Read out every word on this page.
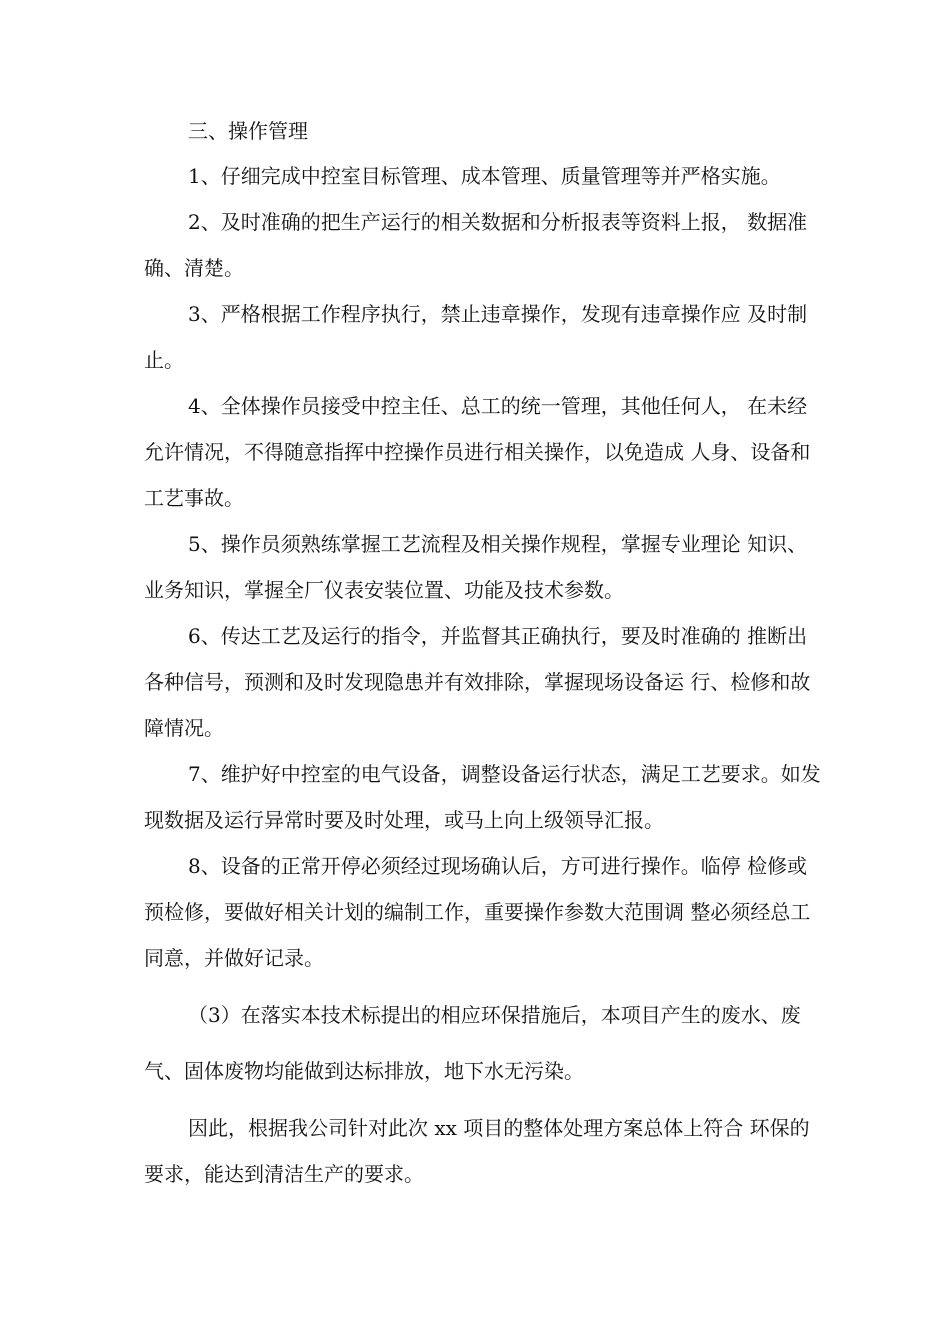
三、操作管理

1、仔细完成中控室目标管理、成本管理、质量管理等并严格实施。

2、及时准确的把生产运行的相关数据和分析报表等资料上报， 数据准确、清楚。

3、严格根据工作程序执行，禁止违章操作，发现有违章操作应 及时制止。

4、全体操作员接受中控主任、总工的统一管理，其他任何人， 在未经允许情况，不得随意指挥中控操作员进行相关操作，以免造成 人身、设备和工艺事故。

5、操作员须熟练掌握工艺流程及相关操作规程，掌握专业理论 知识、业务知识，掌握全厂仪表安装位置、功能及技术参数。

6、传达工艺及运行的指令，并监督其正确执行，要及时准确的 推断出各种信号，预测和及时发现隐患并有效排除，掌握现场设备运 行、检修和故障情况。

7、维护好中控室的电气设备，调整设备运行状态，满足工艺要求。如发现数据及运行异常时要及时处理，或马上向上级领导汇报。

8、设备的正常开停必须经过现场确认后，方可进行操作。临停 检修或预检修，要做好相关计划的编制工作，重要操作参数大范围调 整必须经总工同意，并做好记录。

（3）在落实本技术标提出的相应环保措施后，本项目产生的废水、废气、固体废物均能做到达标排放，地下水无污染。

因此，根据我公司针对此次 xx 项目的整体处理方案总体上符合 环保的要求，能达到清洁生产的要求。
